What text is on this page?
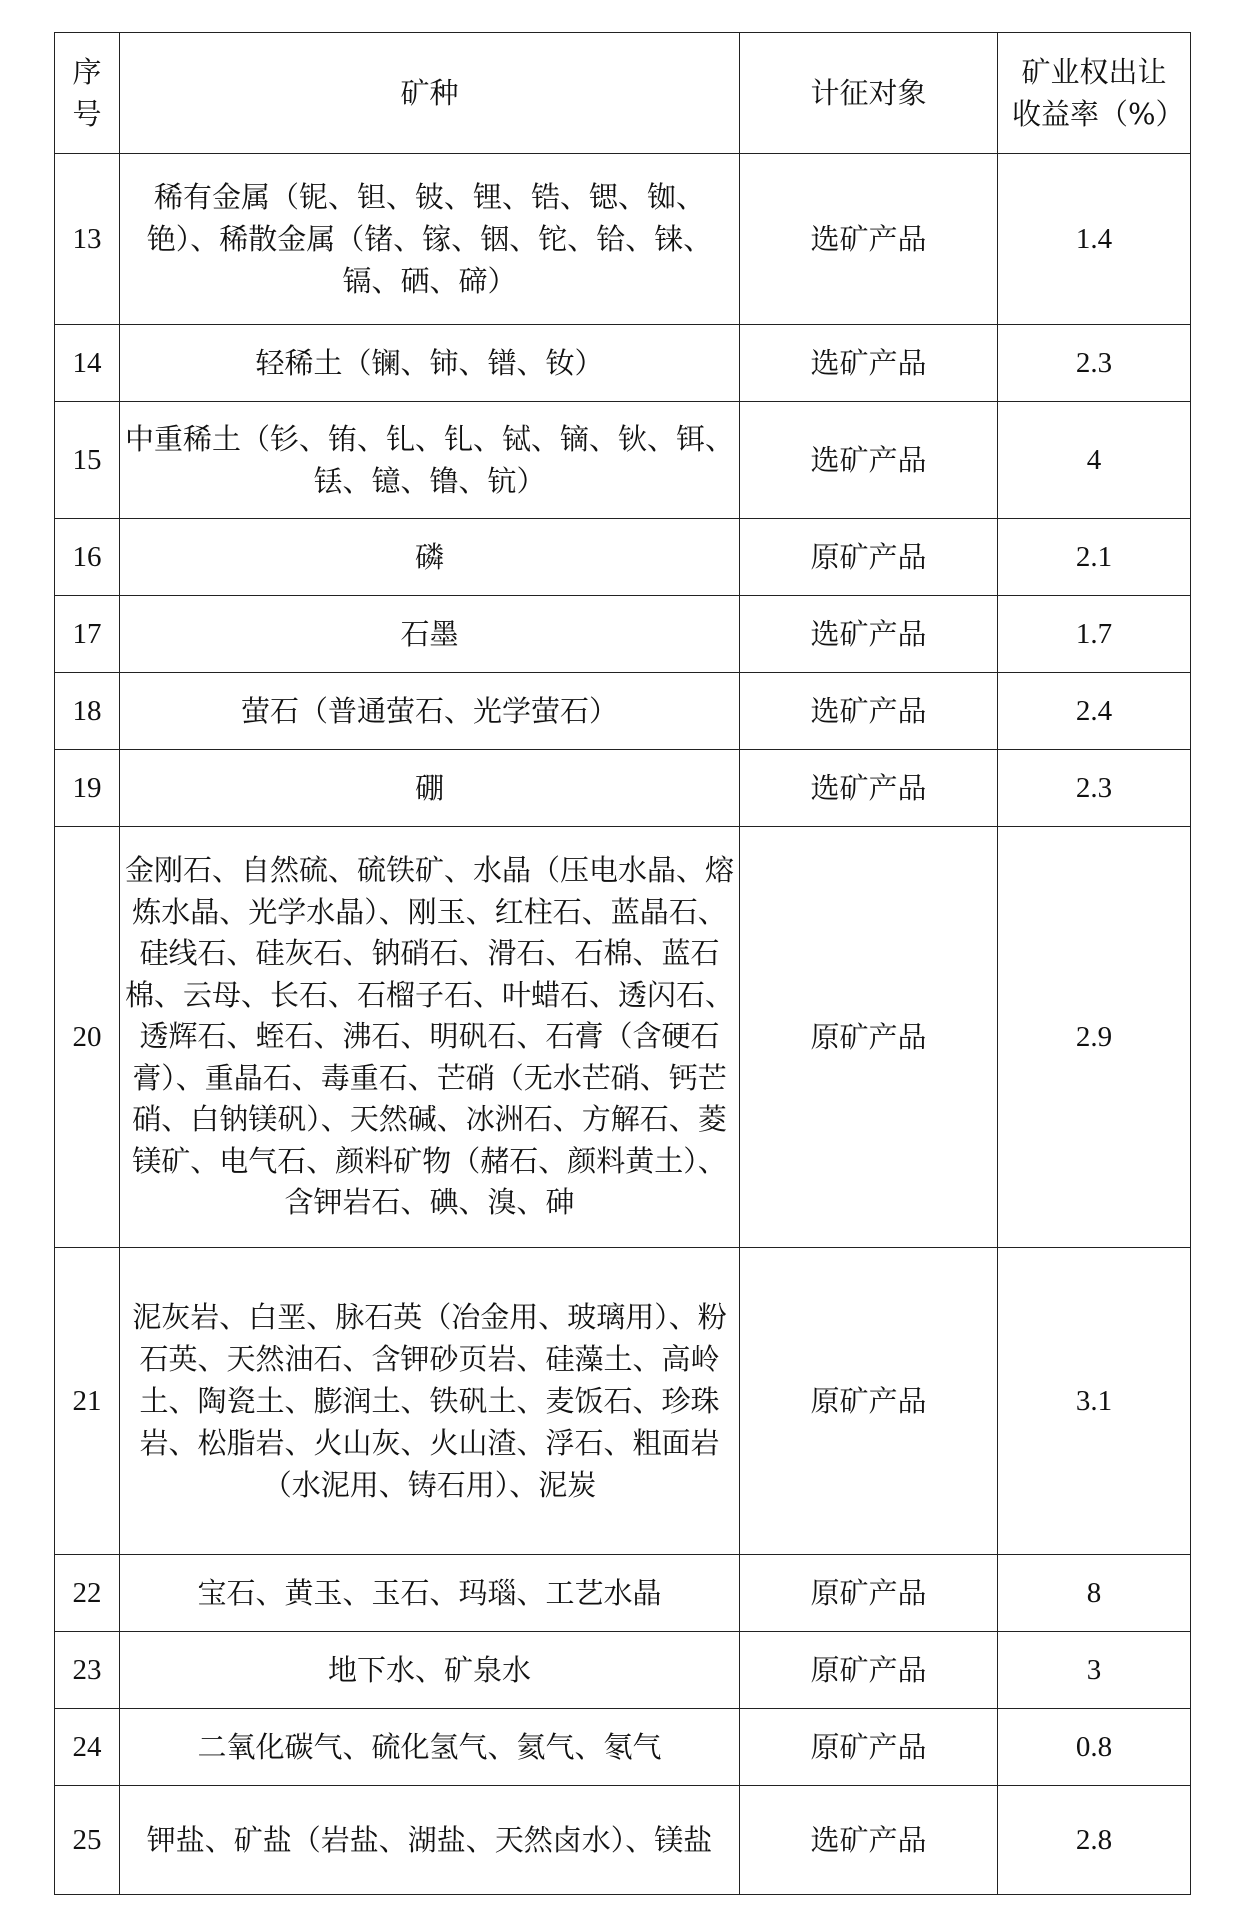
序号	矿种	计征对象	矿业权出让收益率（%）

13	稀有金属（铌、钽、铍、锂、锆、锶、铷、铯）、稀散金属（锗、镓、铟、铊、铪、铼、镉、硒、碲）	选矿产品	1.4
14	轻稀土（镧、铈、镨、钕）	选矿产品	2.3
15	中重稀土（钐、铕、钆、钆、铽、镝、钬、铒、铥、镱、镥、钪）	选矿产品	4
16	磷	原矿产品	2.1
17	石墨	选矿产品	1.7
18	萤石（普通萤石、光学萤石）	选矿产品	2.4
19	硼	选矿产品	2.3
20	金刚石、自然硫、硫铁矿、水晶（压电水晶、熔炼水晶、光学水晶）、刚玉、红柱石、蓝晶石、硅线石、硅灰石、钠硝石、滑石、石棉、蓝石棉、云母、长石、石榴子石、叶蜡石、透闪石、透辉石、蛭石、沸石、明矾石、石膏（含硬石膏）、重晶石、毒重石、芒硝（无水芒硝、钙芒硝、白钠镁矾）、天然碱、冰洲石、方解石、菱镁矿、电气石、颜料矿物（赭石、颜料黄土）、含钾岩石、碘、溴、砷	原矿产品	2.9
21	泥灰岩、白垩、脉石英（冶金用、玻璃用）、粉石英、天然油石、含钾砂页岩、硅藻土、高岭土、陶瓷土、膨润土、铁矾土、麦饭石、珍珠岩、松脂岩、火山灰、火山渣、浮石、粗面岩（水泥用、铸石用）、泥炭	原矿产品	3.1
22	宝石、黄玉、玉石、玛瑙、工艺水晶	原矿产品	8
23	地下水、矿泉水	原矿产品	3
24	二氧化碳气、硫化氢气、氦气、氡气	原矿产品	0.8
25	钾盐、矿盐（岩盐、湖盐、天然卤水）、镁盐	选矿产品	2.8
